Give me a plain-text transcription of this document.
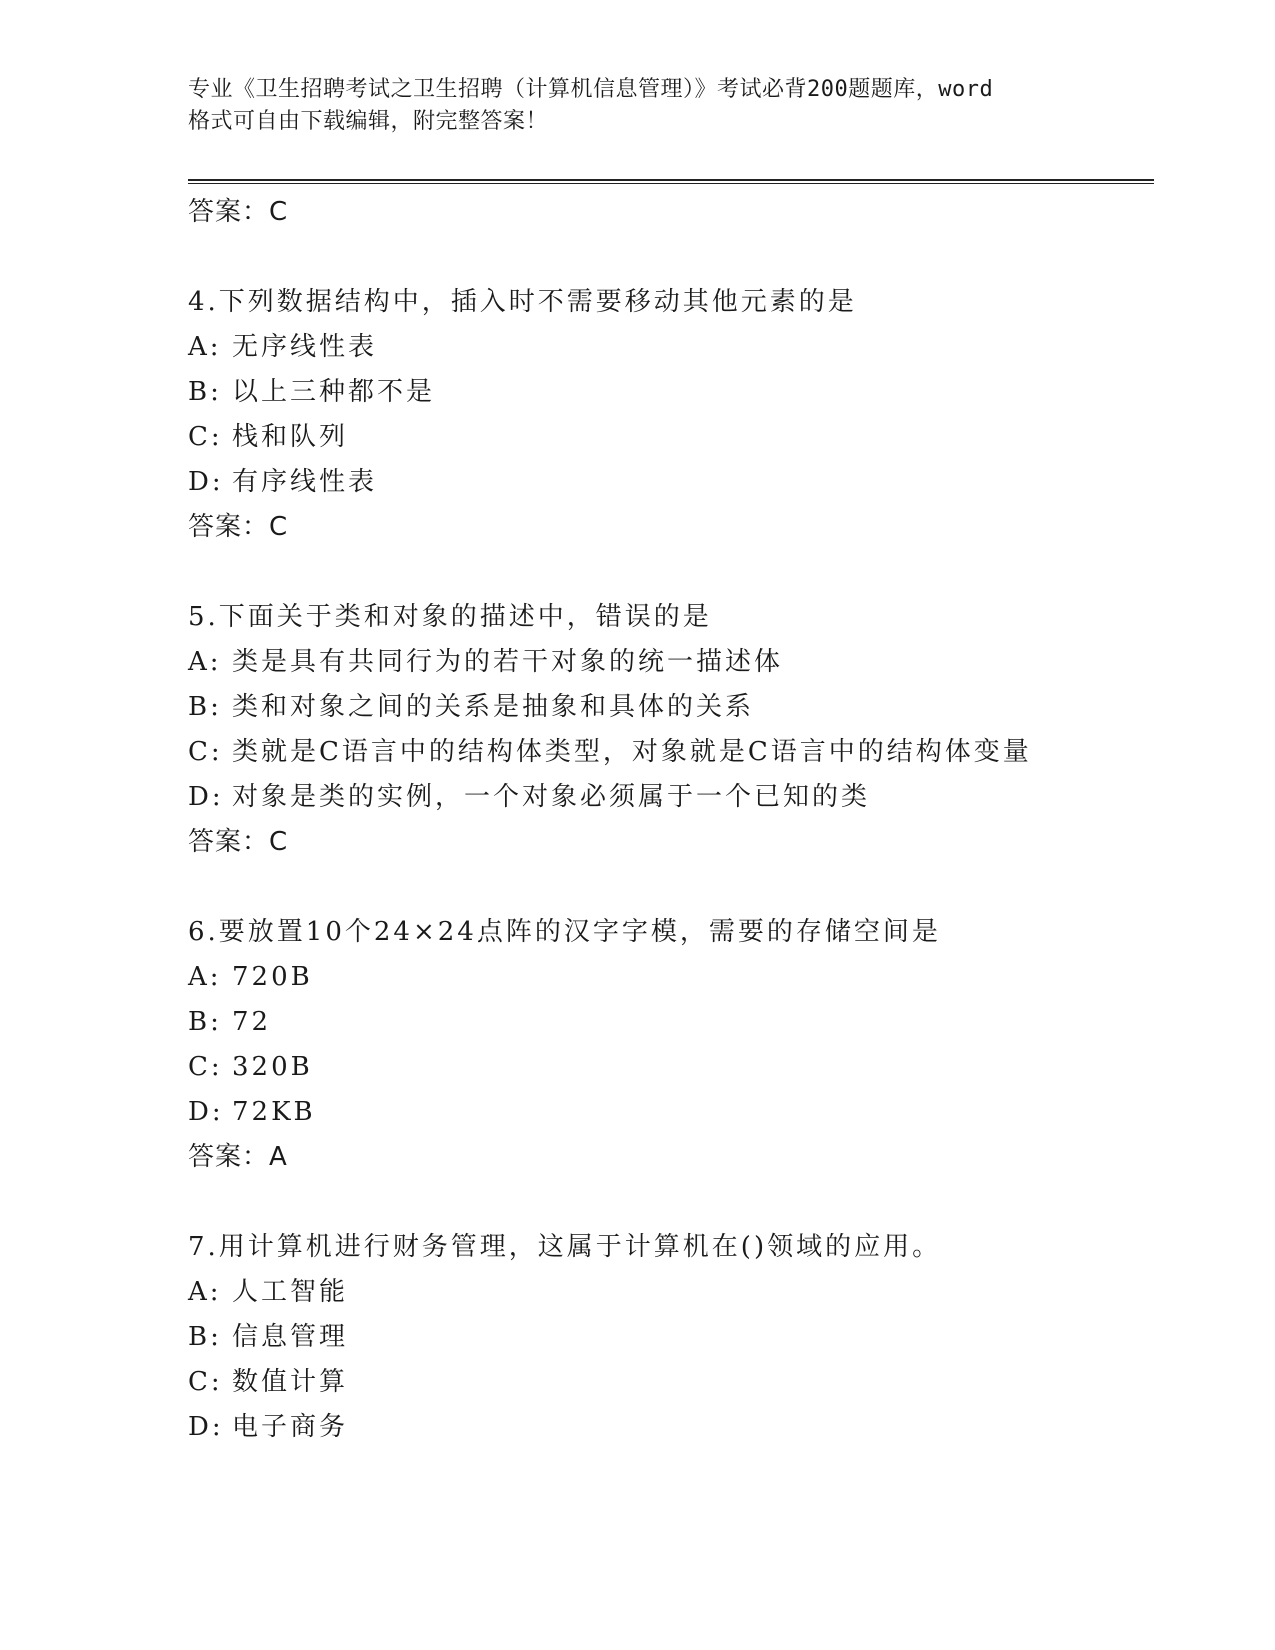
专业《卫生招聘考试之卫生招聘（计算机信息管理）》考试必背200题题库，word
格式可自由下载编辑，附完整答案！
答案：C
4.下列数据结构中，插入时不需要移动其他元素的是
A: 无序线性表
B: 以上三种都不是
C: 栈和队列
D: 有序线性表
答案：C
5.下面关于类和对象的描述中，错误的是
A: 类是具有共同行为的若干对象的统一描述体
B: 类和对象之间的关系是抽象和具体的关系
C: 类就是C语言中的结构体类型，对象就是C语言中的结构体变量
D: 对象是类的实例，一个对象必须属于一个已知的类
答案：C
6.要放置10个24×24点阵的汉字字模，需要的存储空间是
A: 720B
B: 72
C: 320B
D: 72KB
答案：A
7.用计算机进行财务管理，这属于计算机在()领域的应用。
A: 人工智能
B: 信息管理
C: 数值计算
D: 电子商务
